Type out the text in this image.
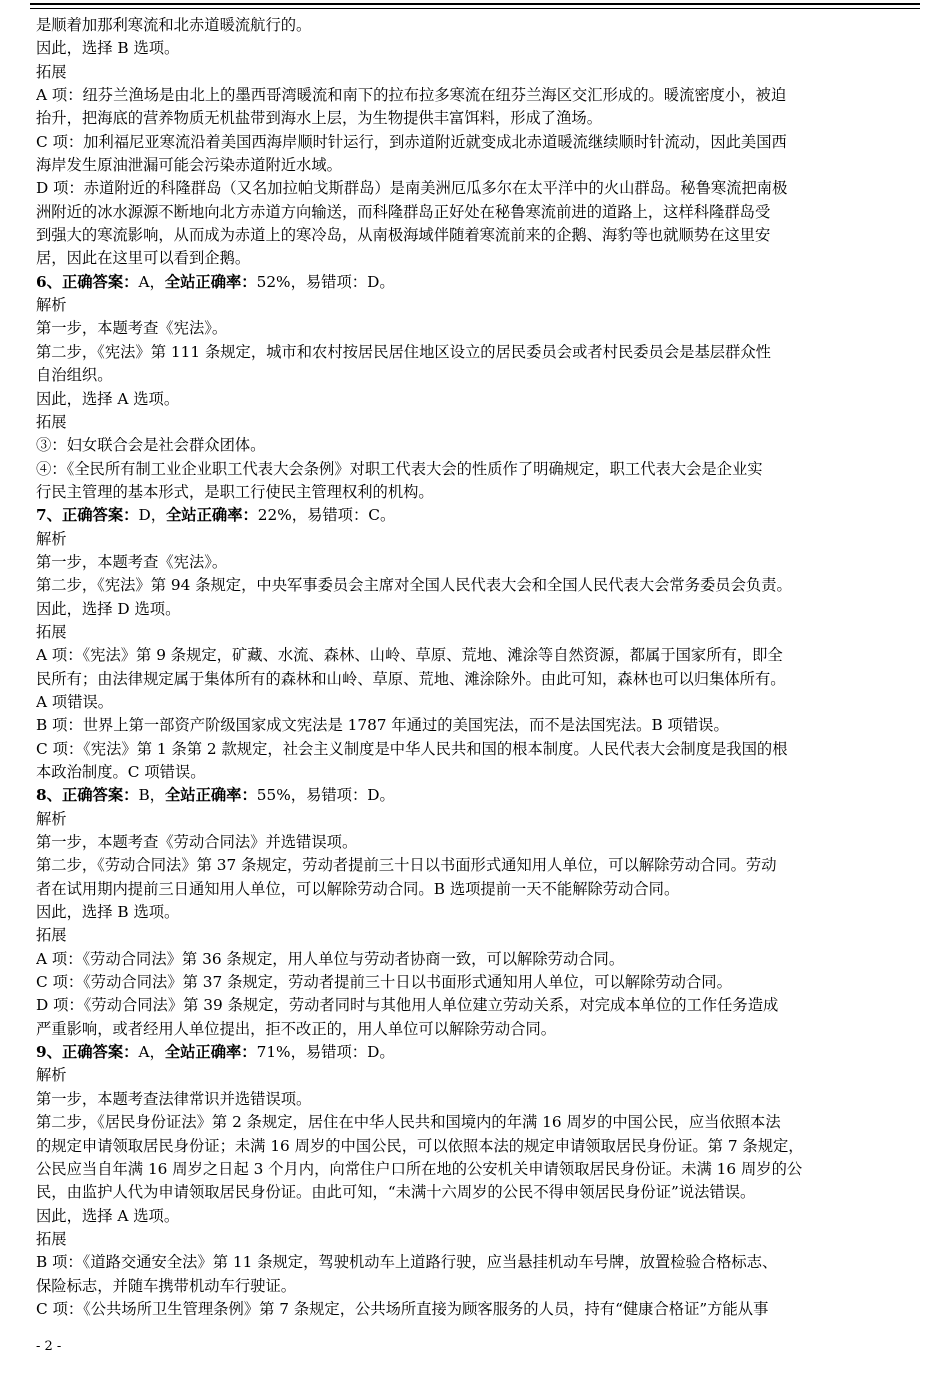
是顺着加那利寒流和北赤道暖流航行的。
因此，选择 B 选项。
拓展
A 项：纽芬兰渔场是由北上的墨西哥湾暖流和南下的拉布拉多寒流在纽芬兰海区交汇形成的。暖流密度小，被迫
抬升，把海底的营养物质无机盐带到海水上层，为生物提供丰富饵料，形成了渔场。
C 项：加利福尼亚寒流沿着美国西海岸顺时针运行，到赤道附近就变成北赤道暖流继续顺时针流动，因此美国西
海岸发生原油泄漏可能会污染赤道附近水域。
D 项：赤道附近的科隆群岛（又名加拉帕戈斯群岛）是南美洲厄瓜多尔在太平洋中的火山群岛。秘鲁寒流把南极
洲附近的冰水源源不断地向北方赤道方向输送，而科隆群岛正好处在秘鲁寒流前进的道路上，这样科隆群岛受
到强大的寒流影响，从而成为赤道上的寒冷岛，从南极海域伴随着寒流前来的企鹅、海豹等也就顺势在这里安
居，因此在这里可以看到企鹅。
6、正确答案：A，全站正确率：52%，易错项：D。
解析
第一步，本题考查《宪法》。
第二步，《宪法》第 111 条规定，城市和农村按居民居住地区设立的居民委员会或者村民委员会是基层群众性
自治组织。
因此，选择 A 选项。
拓展
③：妇女联合会是社会群众团体。
④：《全民所有制工业企业职工代表大会条例》对职工代表大会的性质作了明确规定，职工代表大会是企业实
行民主管理的基本形式，是职工行使民主管理权利的机构。
7、正确答案：D，全站正确率：22%，易错项：C。
解析
第一步，本题考查《宪法》。
第二步，《宪法》第 94 条规定，中央军事委员会主席对全国人民代表大会和全国人民代表大会常务委员会负责。
因此，选择 D 选项。
拓展
A 项：《宪法》第 9 条规定，矿藏、水流、森林、山岭、草原、荒地、滩涂等自然资源，都属于国家所有，即全
民所有；由法律规定属于集体所有的森林和山岭、草原、荒地、滩涂除外。由此可知，森林也可以归集体所有。
A 项错误。
B 项：世界上第一部资产阶级国家成文宪法是 1787 年通过的美国宪法，而不是法国宪法。B 项错误。
C 项：《宪法》第 1 条第 2 款规定，社会主义制度是中华人民共和国的根本制度。人民代表大会制度是我国的根
本政治制度。C 项错误。
8、正确答案：B，全站正确率：55%，易错项：D。
解析
第一步，本题考查《劳动合同法》并选错误项。
第二步，《劳动合同法》第 37 条规定，劳动者提前三十日以书面形式通知用人单位，可以解除劳动合同。劳动
者在试用期内提前三日通知用人单位，可以解除劳动合同。B 选项提前一天不能解除劳动合同。
因此，选择 B 选项。
拓展
A 项：《劳动合同法》第 36 条规定，用人单位与劳动者协商一致，可以解除劳动合同。
C 项：《劳动合同法》第 37 条规定，劳动者提前三十日以书面形式通知用人单位，可以解除劳动合同。
D 项：《劳动合同法》第 39 条规定，劳动者同时与其他用人单位建立劳动关系，对完成本单位的工作任务造成
严重影响，或者经用人单位提出，拒不改正的，用人单位可以解除劳动合同。
9、正确答案：A，全站正确率：71%，易错项：D。
解析
第一步，本题考查法律常识并选错误项。
第二步，《居民身份证法》第 2 条规定，居住在中华人民共和国境内的年满 16 周岁的中国公民，应当依照本法
的规定申请领取居民身份证；未满 16 周岁的中国公民，可以依照本法的规定申请领取居民身份证。第 7 条规定，
公民应当自年满 16 周岁之日起 3 个月内，向常住户口所在地的公安机关申请领取居民身份证。未满 16 周岁的公
民，由监护人代为申请领取居民身份证。由此可知，“未满十六周岁的公民不得申领居民身份证”说法错误。
因此，选择 A 选项。
拓展
B 项：《道路交通安全法》第 11 条规定，驾驶机动车上道路行驶，应当悬挂机动车号牌，放置检验合格标志、
保险标志，并随车携带机动车行驶证。
C 项：《公共场所卫生管理条例》第 7 条规定，公共场所直接为顾客服务的人员，持有“健康合格证”方能从事
- 2 -
